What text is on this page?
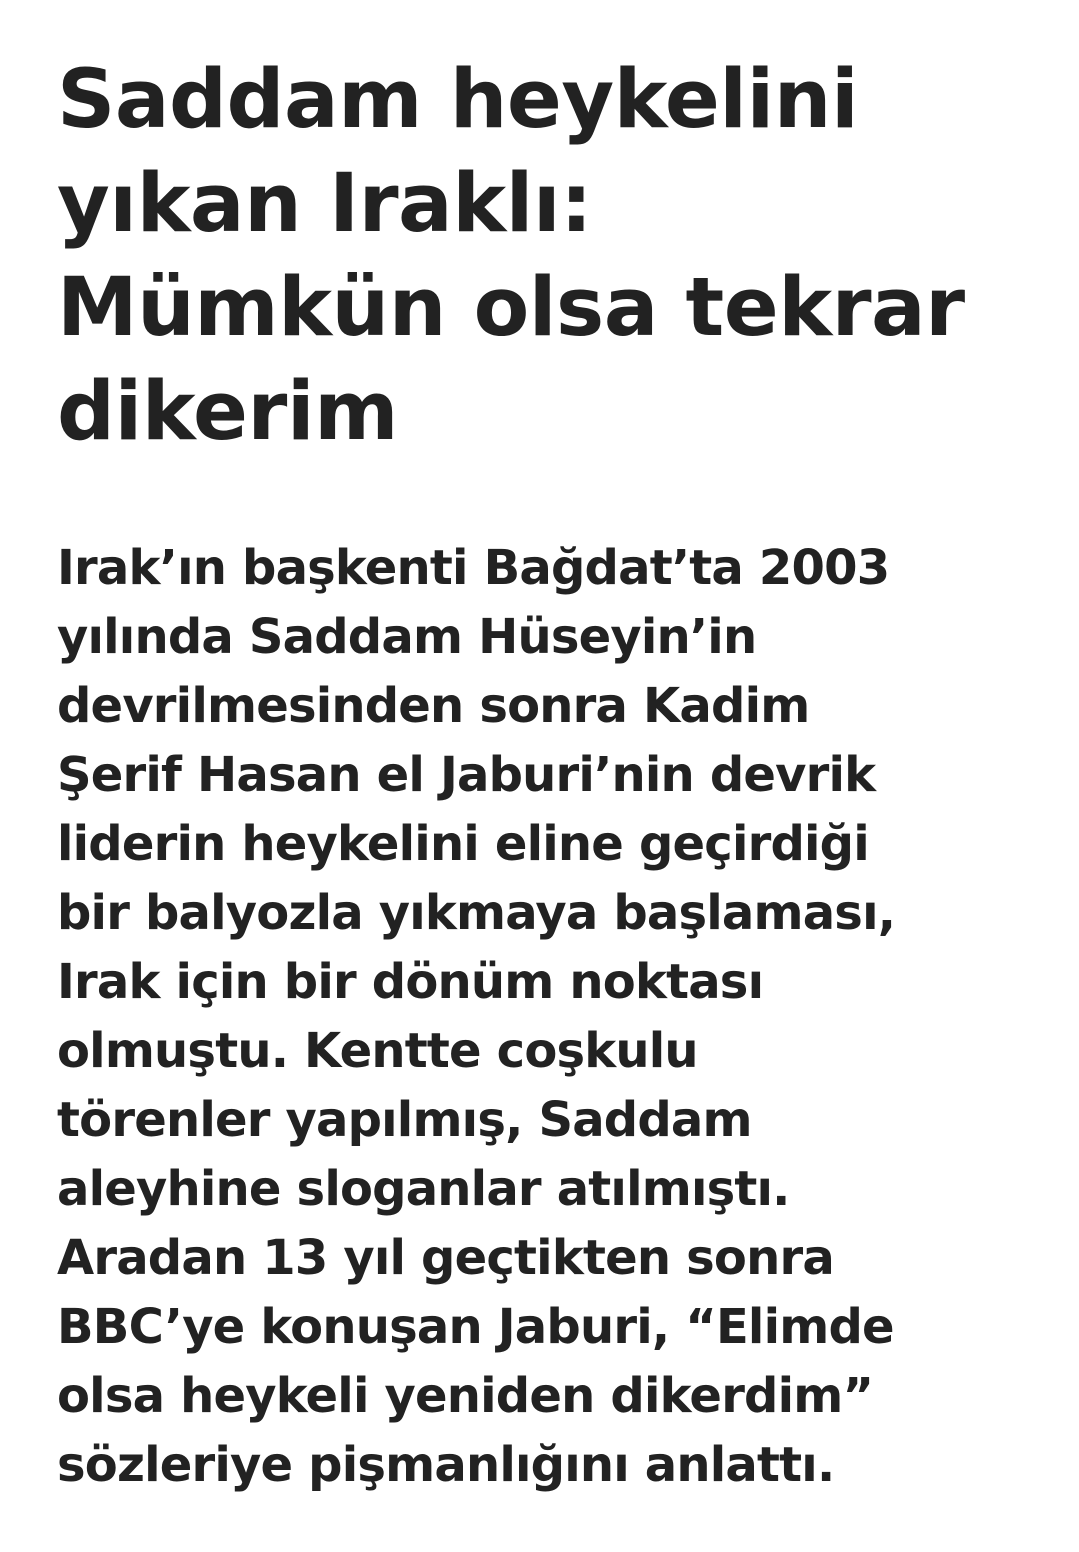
Saddam heykelini
yıkan Iraklı:
Mümkün olsa tekrar
dikerim

Irak’ın başkenti Bağdat’ta 2003
yılında Saddam Hüseyin’in
devrilmesinden sonra Kadim
Şerif Hasan el Jaburi’nin devrik
liderin heykelini eline geçirdiği
bir balyozla yıkmaya başlaması,
Irak için bir dönüm noktası
olmuştu. Kentte coşkulu
törenler yapılmış, Saddam
aleyhine sloganlar atılmıştı.
Aradan 13 yıl geçtikten sonra
BBC’ye konuşan Jaburi, “Elimde
olsa heykeli yeniden dikerdim”
sözleriye pişmanlığını anlattı.
